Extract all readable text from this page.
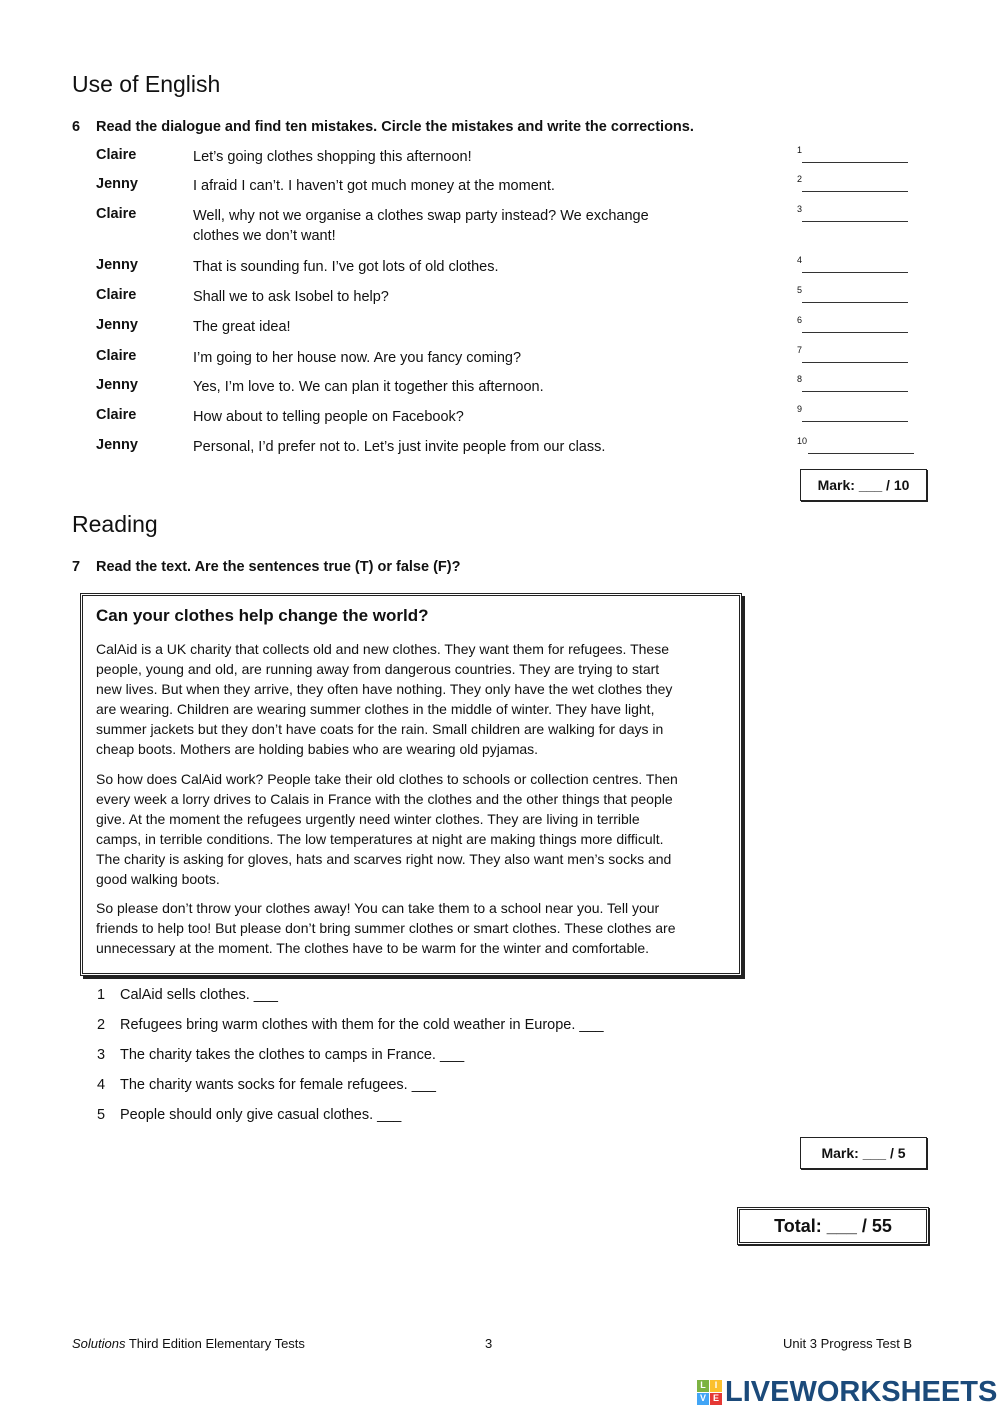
Use of English
6 Read the dialogue and find ten mistakes. Circle the mistakes and write the corrections.
Claire	Let’s going clothes shopping this afternoon!
Jenny	I afraid I can’t. I haven’t got much money at the moment.
Claire	Well, why not we organise a clothes swap party instead? We exchange
clothes we don’t want!
Jenny	That is sounding fun. I’ve got lots of old clothes.
Claire	Shall we to ask Isobel to help?
Jenny	The great idea!
Claire	I’m going to her house now. Are you fancy coming?
Jenny	Yes, I’m love to. We can plan it together this afternoon.
Claire	How about to telling people on Facebook?
Jenny	Personal, I’d prefer not to. Let’s just invite people from our class.
1
2
3
4
5
6
7
8
9
10
Mark: ___ / 10
Reading
7 Read the text. Are the sentences true (T) or false (F)?
Can your clothes help change the world?
CalAid is a UK charity that collects old and new clothes. They want them for refugees. These
people, young and old, are running away from dangerous countries. They are trying to start
new lives. But when they arrive, they often have nothing. They only have the wet clothes they
are wearing. Children are wearing summer clothes in the middle of winter. They have light,
summer jackets but they don’t have coats for the rain. Small children are walking for days in
cheap boots. Mothers are holding babies who are wearing old pyjamas.
So how does CalAid work? People take their old clothes to schools or collection centres. Then
every week a lorry drives to Calais in France with the clothes and the other things that people
give. At the moment the refugees urgently need winter clothes. They are living in terrible
camps, in terrible conditions. The low temperatures at night are making things more difficult.
The charity is asking for gloves, hats and scarves right now. They also want men’s socks and
good walking boots.
So please don’t throw your clothes away! You can take them to a school near you. Tell your
friends to help too! But please don’t bring summer clothes or smart clothes. These clothes are
unnecessary at the moment. The clothes have to be warm for the winter and comfortable.
1 CalAid sells clothes. ___
2 Refugees bring warm clothes with them for the cold weather in Europe. ___
3 The charity takes the clothes to camps in France. ___
4 The charity wants socks for female refugees. ___
5 People should only give casual clothes. ___
Mark: ___ / 5
Total: ___ / 55
Solutions Third Edition Elementary Tests	3	Unit 3 Progress Test B
L I
V E LIVEWORKSHEETS
